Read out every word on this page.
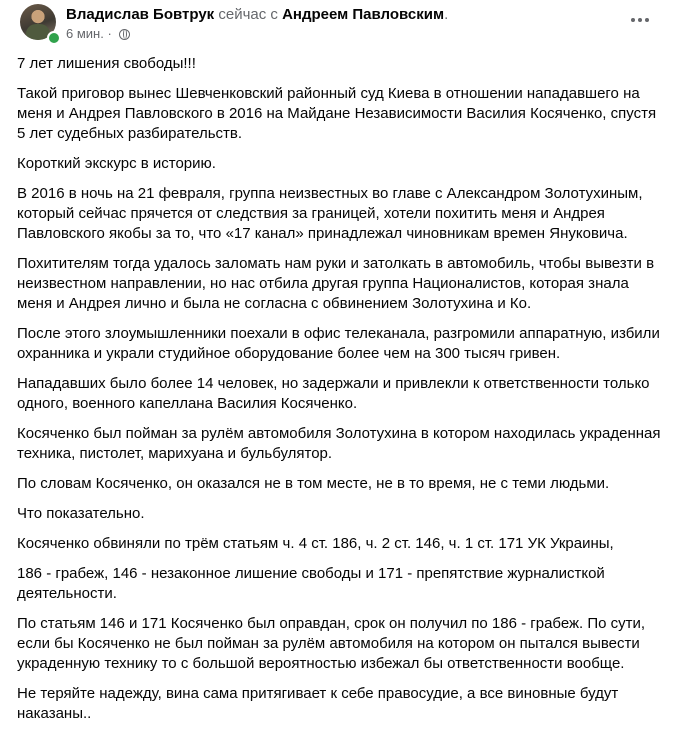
Владислав Бовтрук сейчас с Андреем Павловским.
6 мин. ·

7 лет лишения свободы!!!

Такой приговор вынес Шевченковский районный суд Киева в отношении нападавшего на меня и Андрея Павловского в 2016 на Майдане Независимости Василия Косяченко, спустя 5 лет судебных разбирательств.

Короткий экскурс в историю.

В 2016 в ночь на 21 февраля, группа неизвестных во главе с Александром Золотухиным, который сейчас прячется от следствия за границей, хотели похитить меня и Андрея Павловского якобы за то, что «17 канал» принадлежал чиновникам времен Януковича.

Похитителям тогда удалось заломать нам руки и затолкать в автомобиль, чтобы вывезти в неизвестном направлении, но нас отбила другая группа Националистов, которая знала меня и Андрея лично и была не согласна с обвинением Золотухина и Ко.

После этого злоумышленники поехали в офис телеканала, разгромили аппаратную, избили охранника и украли студийное оборудование более чем на 300 тысяч гривен.

Нападавших было более 14 человек, но задержали и привлекли к ответственности только одного, военного капеллана Василия Косяченко.

Косяченко был пойман за рулём автомобиля Золотухина в котором находилась украденная техника, пистолет, марихуана и бульбулятор.

По словам Косяченко, он оказался не в том месте, не в то время, не с теми людьми.

Что показательно.

Косяченко обвиняли по трём статьям ч. 4 ст. 186, ч. 2 ст. 146, ч. 1 ст. 171 УК Украины,

186 - грабеж, 146 - незаконное лишение свободы и 171 - препятствие журналисткой деятельности.

По статьям 146 и 171 Косяченко был оправдан, срок он получил по 186 - грабеж. По сути, если бы Косяченко не был пойман за рулём автомобиля на котором он пытался вывести украденную технику то с большой вероятностью избежал бы ответственности вообще.

Не теряйте надежду, вина сама притягивает к себе правосудие, а все виновные будут наказаны..
